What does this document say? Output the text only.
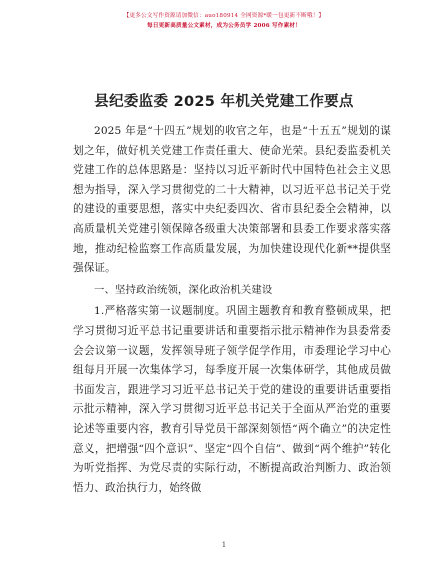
【更多公文写作资源请加微信：auo180914 全网资源*暖一包更新不断哦！】
每日更新高质量公文素材，成为公务员学 2006 写作素材！
县纪委监委 2025 年机关党建工作要点

2025 年是“十四五”规划的收官之年，也是“十五五”规划的谋划之年，做好机关党建工作责任重大、使命光荣。县纪委监委机关党建工作的总体思路是：坚持以习近平新时代中国特色社会主义思想为指导，深入学习贯彻党的二十大精神，以习近平总书记关于党的建设的重要思想，落实中央纪委四次、省市县纪委全会精神，以高质量机关党建引领保障各级重大决策部署和县委工作要求落实落地，推动纪检监察工作高质量发展，为加快建设现代化新**提供坚强保证。

一、坚持政治统领，深化政治机关建设

1.严格落实第一议题制度。巩固主题教育和教育整顿成果，把学习贯彻习近平总书记重要讲话和重要指示批示精神作为县委常委会会议第一议题，发挥领导班子领学促学作用，市委理论学习中心组每月开展一次集体学习，每季度开展一次集体研学，其他成员做书面发言，跟进学习习近平总书记关于党的建设的重要讲话重要指示批示精神，深入学习贯彻习近平总书记关于全面从严治党的重要论述等重要内容，教育引导党员干部深刻领悟“两个确立”的决定性意义，把增强“四个意识”、坚定“四个自信”、做到“两个维护”转化为听党指挥、为党尽责的实际行动，不断提高政治判断力、政治领悟力、政治执行力，始终做

1
